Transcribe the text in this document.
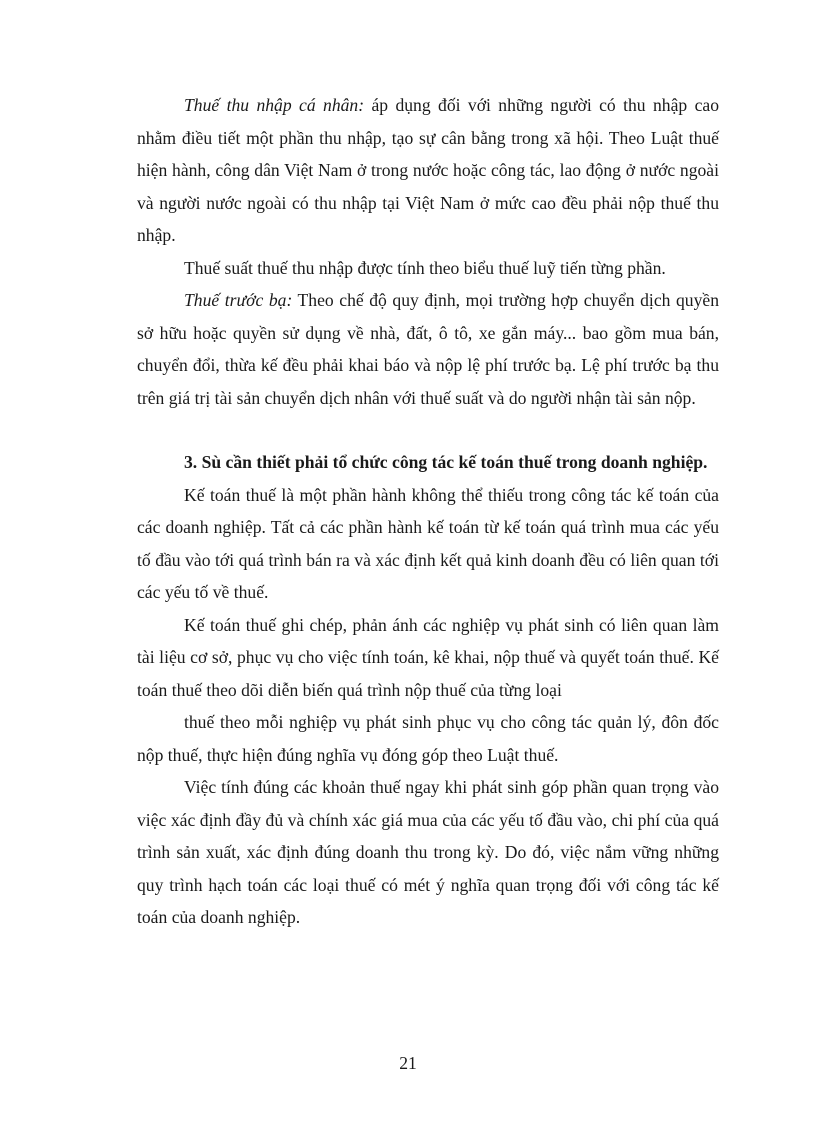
Thuế thu nhập cá nhân: áp dụng đối với những người có thu nhập cao nhằm điều tiết một phần thu nhập, tạo sự cân bằng trong xã hội. Theo Luật thuế hiện hành, công dân Việt Nam ở trong nước hoặc công tác, lao động ở nước ngoài và người nước ngoài có thu nhập tại Việt Nam ở mức cao đều phải nộp thuế thu nhập.

Thuế suất thuế thu nhập được tính theo biểu thuế luỹ tiến từng phần.

Thuế trước bạ: Theo chế độ quy định, mọi trường hợp chuyển dịch quyền sở hữu hoặc quyền sử dụng về nhà, đất, ô tô, xe gắn máy... bao gồm mua bán, chuyển đổi, thừa kế đều phải khai báo và nộp lệ phí trước bạ. Lệ phí trước bạ thu trên giá trị tài sản chuyển dịch nhân với thuế suất và do người nhận tài sản nộp.

3. Sù cần thiết phải tổ chức công tác kế toán thuế trong doanh nghiệp.

Kế toán thuế là một phần hành không thể thiếu trong công tác kế toán của các doanh nghiệp. Tất cả các phần hành kế toán từ kế toán quá trình mua các yếu tố đầu vào tới quá trình bán ra và xác định kết quả kinh doanh đều có liên quan tới các yếu tố về thuế.

Kế toán thuế ghi chép, phản ánh các nghiệp vụ phát sinh có liên quan làm tài liệu cơ sở, phục vụ cho việc tính toán, kê khai, nộp thuế và quyết toán thuế. Kế toán thuế theo dõi diễn biến quá trình nộp thuế của từng loại

thuế theo mỗi nghiệp vụ phát sinh phục vụ cho công tác quản lý, đôn đốc nộp thuế, thực hiện đúng nghĩa vụ đóng góp theo Luật thuế.

Việc tính đúng các khoản thuế ngay khi phát sinh góp phần quan trọng vào việc xác định đầy đủ và chính xác giá mua của các yếu tố đầu vào, chi phí của quá trình sản xuất, xác định đúng doanh thu trong kỳ. Do đó, việc nắm vững những quy trình hạch toán các loại thuế có mét ý nghĩa quan trọng đối với công tác kế toán của doanh nghiệp.

21
